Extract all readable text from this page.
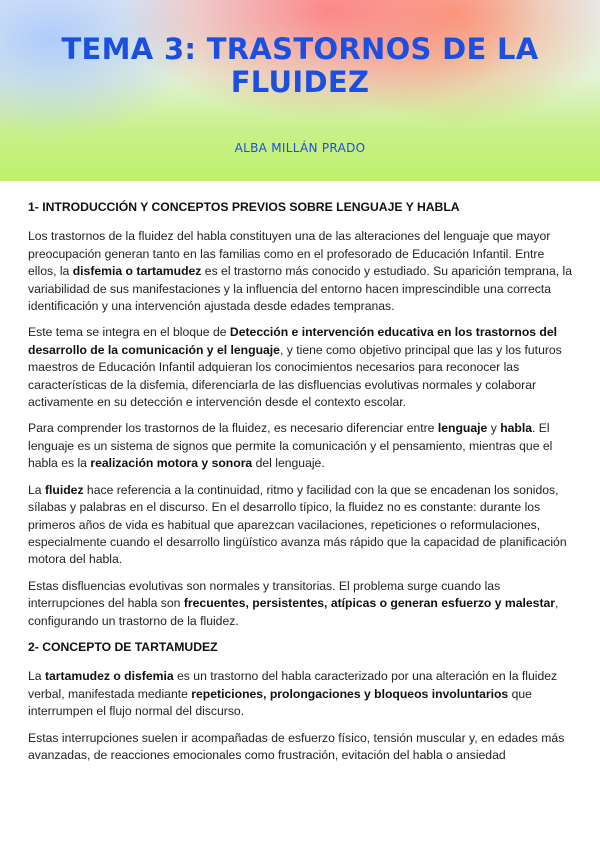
TEMA 3: TRASTORNOS DE LA FLUIDEZ
ALBA MILLÁN PRADO
1- INTRODUCCIÓN Y CONCEPTOS PREVIOS SOBRE LENGUAJE Y HABLA

Los trastornos de la fluidez del habla constituyen una de las alteraciones del lenguaje que mayor preocupación generan tanto en las familias como en el profesorado de Educación Infantil. Entre ellos, la disfemia o tartamudez es el trastorno más conocido y estudiado. Su aparición temprana, la variabilidad de sus manifestaciones y la influencia del entorno hacen imprescindible una correcta identificación y una intervención ajustada desde edades tempranas.

Este tema se integra en el bloque de Detección e intervención educativa en los trastornos del desarrollo de la comunicación y el lenguaje, y tiene como objetivo principal que las y los futuros maestros de Educación Infantil adquieran los conocimientos necesarios para reconocer las características de la disfemia, diferenciarla de las disfluencias evolutivas normales y colaborar activamente en su detección e intervención desde el contexto escolar.

Para comprender los trastornos de la fluidez, es necesario diferenciar entre lenguaje y habla. El lenguaje es un sistema de signos que permite la comunicación y el pensamiento, mientras que el habla es la realización motora y sonora del lenguaje.

La fluidez hace referencia a la continuidad, ritmo y facilidad con la que se encadenan los sonidos, sílabas y palabras en el discurso. En el desarrollo típico, la fluidez no es constante: durante los primeros años de vida es habitual que aparezcan vacilaciones, repeticiones o reformulaciones, especialmente cuando el desarrollo lingüístico avanza más rápido que la capacidad de planificación motora del habla.

Estas disfluencias evolutivas son normales y transitorias. El problema surge cuando las interrupciones del habla son frecuentes, persistentes, atípicas o generan esfuerzo y malestar, configurando un trastorno de la fluidez.

2- CONCEPTO DE TARTAMUDEZ

La tartamudez o disfemia es un trastorno del habla caracterizado por una alteración en la fluidez verbal, manifestada mediante repeticiones, prolongaciones y bloqueos involuntarios que interrumpen el flujo normal del discurso.

Estas interrupciones suelen ir acompañadas de esfuerzo físico, tensión muscular y, en edades más avanzadas, de reacciones emocionales como frustración, evitación del habla o ansiedad
